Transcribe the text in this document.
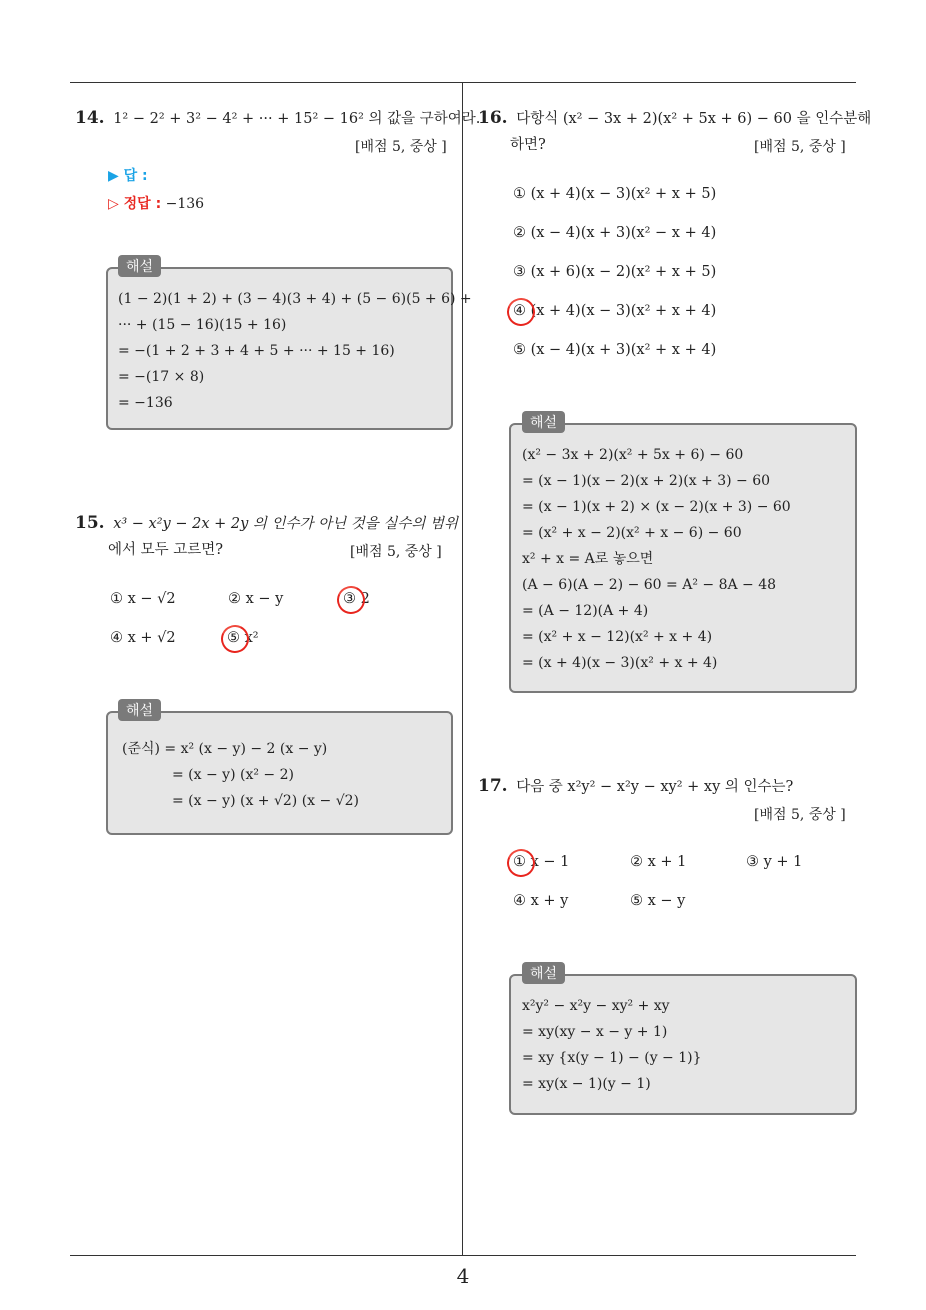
4
14. 1² − 2² + 3² − 4² + ··· + 15² − 16² 의 값을 구하여라.
[배점 5, 중상 ]
▶ 답 :
▷ 정답 : −136
(1 − 2)(1 + 2) + (3 − 4)(3 + 4) + (5 − 6)(5 + 6) +
··· + (15 − 16)(15 + 16)
= −(1 + 2 + 3 + 4 + 5 + ··· + 15 + 16)
= −(17 × 8)
= −136
해설
15. x³ − x²y − 2x + 2y 의 인수가 아닌 것을 실수의 범위
에서 모두 고르면?	[배점 5, 중상 ]
① x − √2	② x − y	③ 2
④ x + √2	⑤ x²
(준식) = x² (x − y) − 2 (x − y)
= (x − y) (x² − 2)
= (x − y) (x + √2) (x − √2)
해설
16. 다항식 (x² − 3x + 2)(x² + 5x + 6) − 60 을 인수분해
하면?	[배점 5, 중상 ]
① (x + 4)(x − 3)(x² + x + 5)
② (x − 4)(x + 3)(x² − x + 4)
③ (x + 6)(x − 2)(x² + x + 5)
④ (x + 4)(x − 3)(x² + x + 4)
⑤ (x − 4)(x + 3)(x² + x + 4)
(x² − 3x + 2)(x² + 5x + 6) − 60
= (x − 1)(x − 2)(x + 2)(x + 3) − 60
= (x − 1)(x + 2) × (x − 2)(x + 3) − 60
= (x² + x − 2)(x² + x − 6) − 60
x² + x = A로 놓으면
(A − 6)(A − 2) − 60 = A² − 8A − 48
= (A − 12)(A + 4)
= (x² + x − 12)(x² + x + 4)
= (x + 4)(x − 3)(x² + x + 4)
해설
17. 다음 중 x²y² − x²y − xy² + xy 의 인수는?
[배점 5, 중상 ]
① x − 1	② x + 1	③ y + 1
④ x + y	⑤ x − y
x²y² − x²y − xy² + xy
= xy(xy − x − y + 1)
= xy {x(y − 1) − (y − 1)}
= xy(x − 1)(y − 1)
해설
